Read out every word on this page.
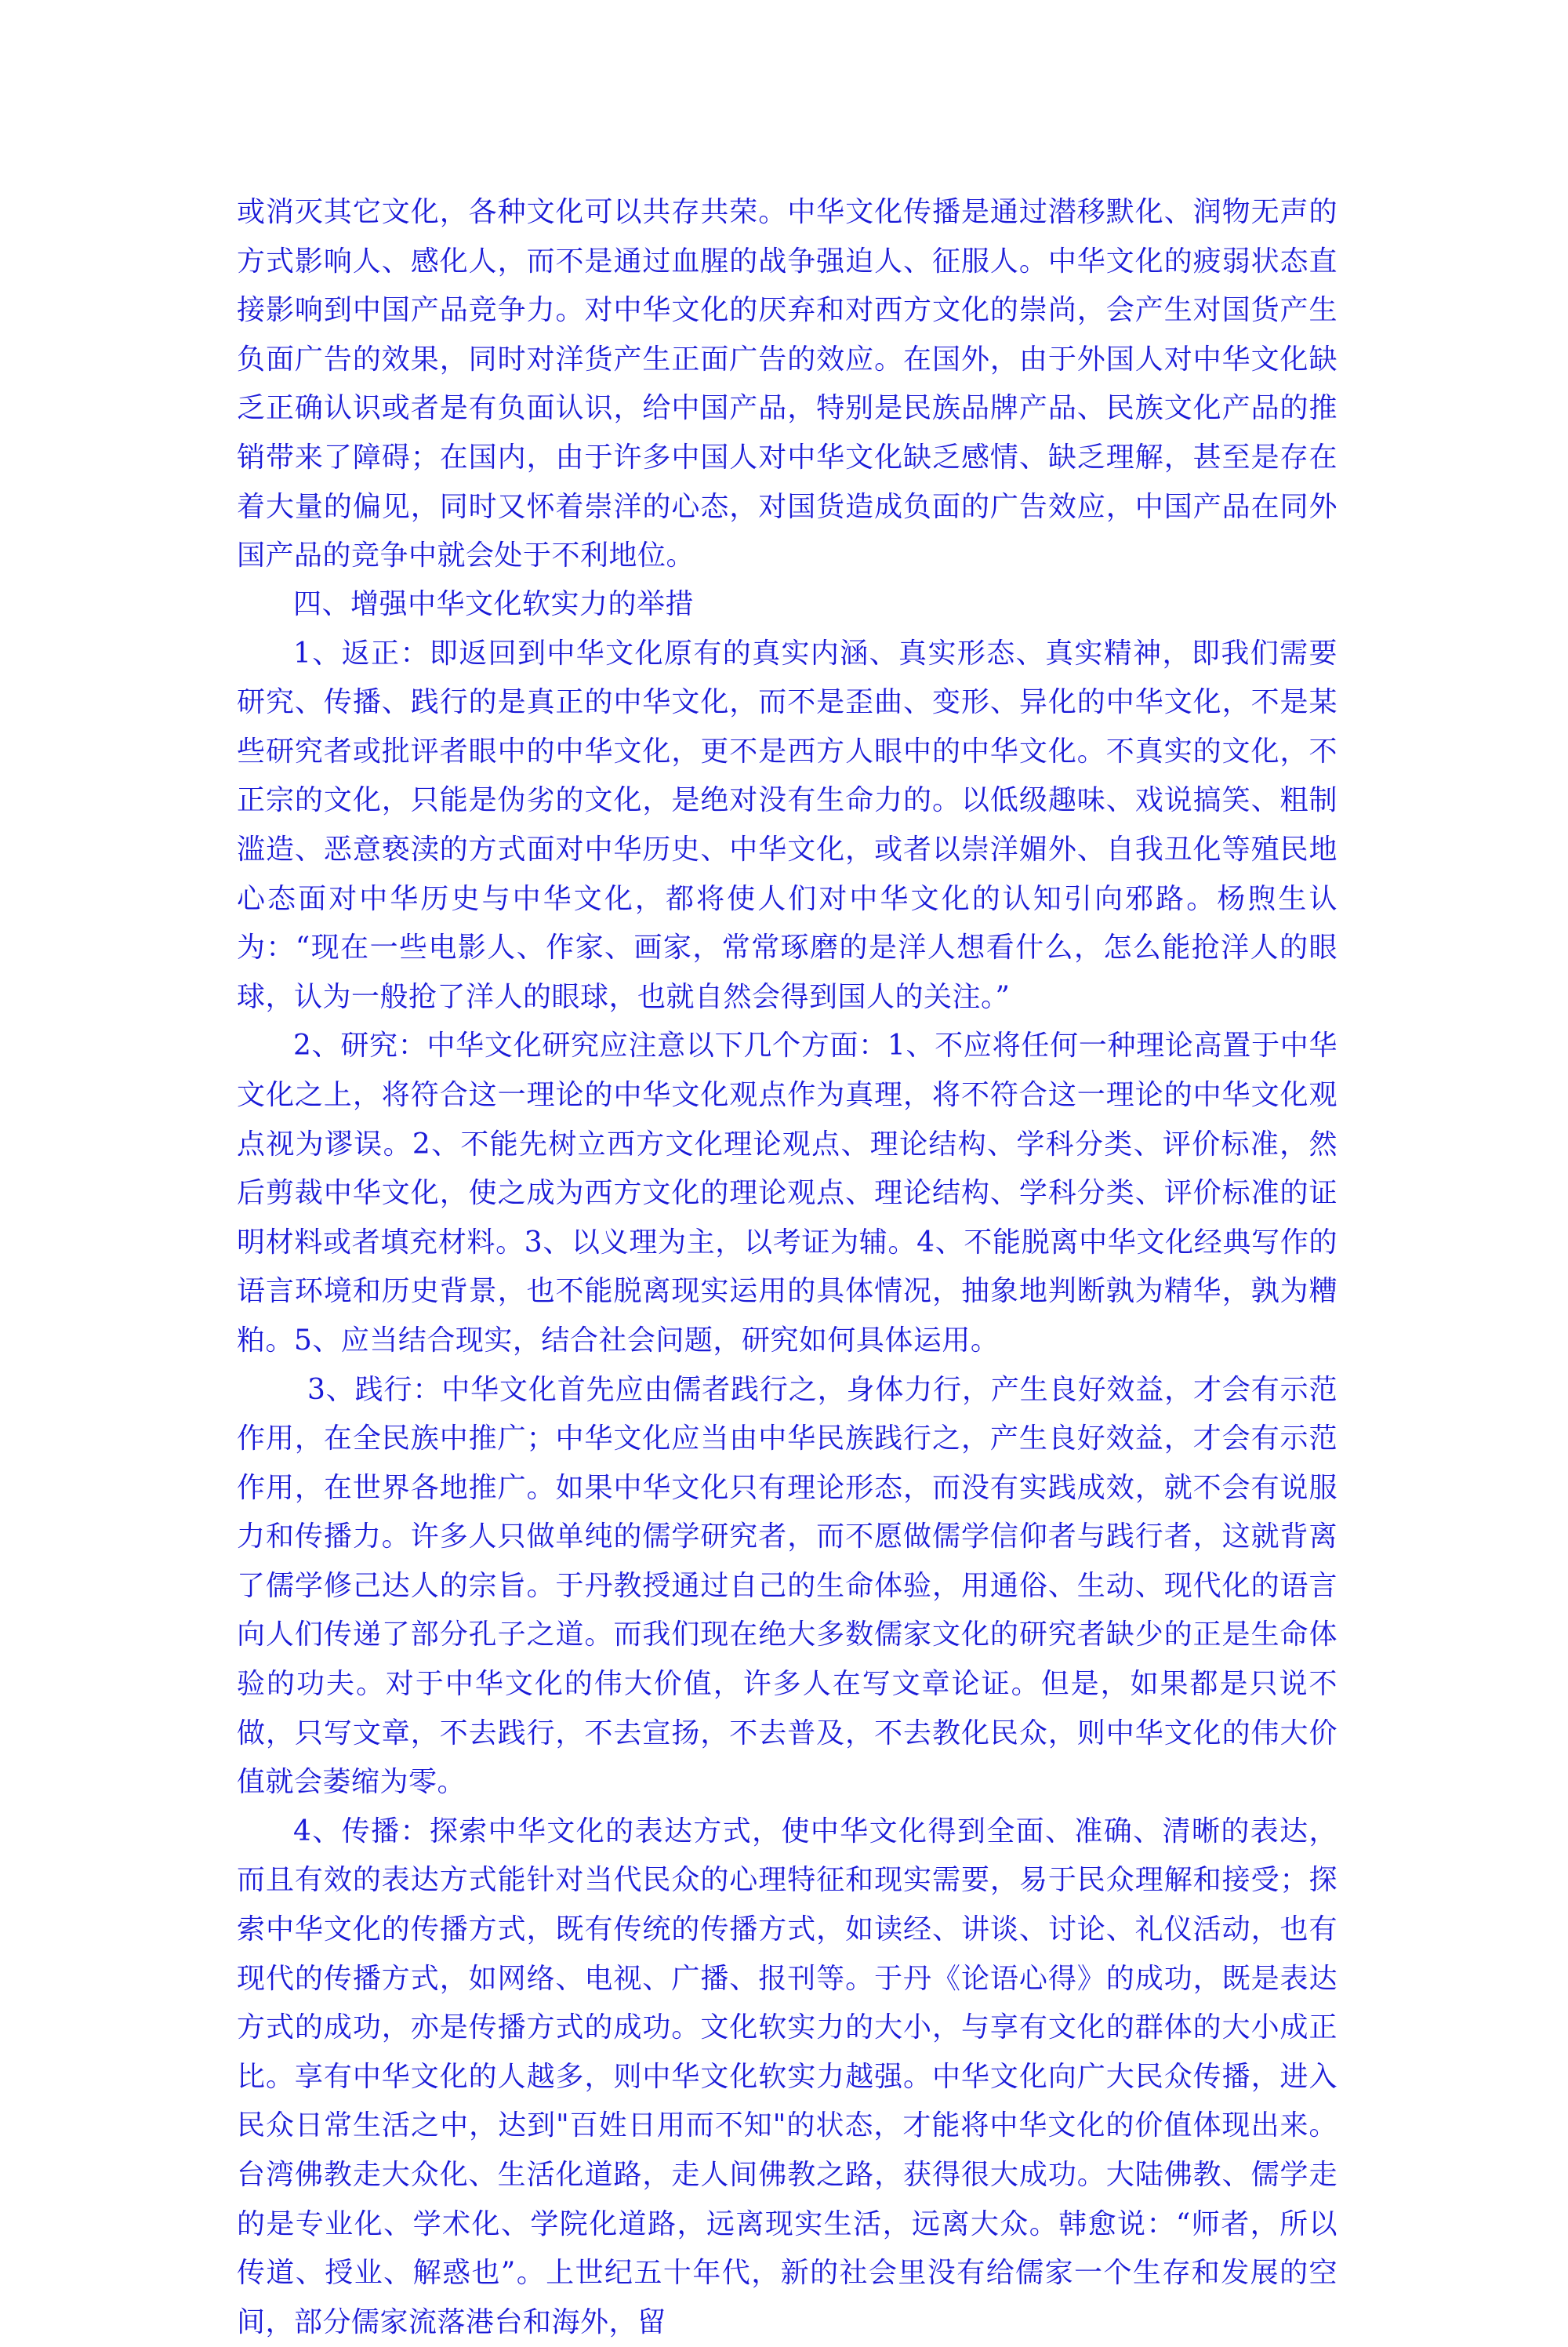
或消灭其它文化，各种文化可以共存共荣。中华文化传播是通过潜移默化、润物无声的方式影响人、感化人，而不是通过血腥的战争强迫人、征服人。中华文化的疲弱状态直接影响到中国产品竞争力。对中华文化的厌弃和对西方文化的崇尚，会产生对国货产生负面广告的效果，同时对洋货产生正面广告的效应。在国外，由于外国人对中华文化缺乏正确认识或者是有负面认识，给中国产品，特别是民族品牌产品、民族文化产品的推销带来了障碍；在国内，由于许多中国人对中华文化缺乏感情、缺乏理解，甚至是存在着大量的偏见，同时又怀着崇洋的心态，对国货造成负面的广告效应，中国产品在同外国产品的竞争中就会处于不利地位。

四、增强中华文化软实力的举措

1、返正：即返回到中华文化原有的真实内涵、真实形态、真实精神，即我们需要研究、传播、践行的是真正的中华文化，而不是歪曲、变形、异化的中华文化，不是某些研究者或批评者眼中的中华文化，更不是西方人眼中的中华文化。不真实的文化，不正宗的文化，只能是伪劣的文化，是绝对没有生命力的。以低级趣味、戏说搞笑、粗制滥造、恶意亵渎的方式面对中华历史、中华文化，或者以崇洋媚外、自我丑化等殖民地心态面对中华历史与中华文化，都将使人们对中华文化的认知引向邪路。杨煦生认为：“现在一些电影人、作家、画家，常常琢磨的是洋人想看什么，怎么能抢洋人的眼球，认为一般抢了洋人的眼球，也就自然会得到国人的关注。”

2、研究：中华文化研究应注意以下几个方面：1、不应将任何一种理论高置于中华文化之上，将符合这一理论的中华文化观点作为真理，将不符合这一理论的中华文化观点视为谬误。2、不能先树立西方文化理论观点、理论结构、学科分类、评价标准，然后剪裁中华文化，使之成为西方文化的理论观点、理论结构、学科分类、评价标准的证明材料或者填充材料。3、以义理为主，以考证为辅。4、不能脱离中华文化经典写作的语言环境和历史背景，也不能脱离现实运用的具体情况，抽象地判断孰为精华，孰为糟粕。5、应当结合现实，结合社会问题，研究如何具体运用。

3、践行：中华文化首先应由儒者践行之，身体力行，产生良好效益，才会有示范作用，在全民族中推广；中华文化应当由中华民族践行之，产生良好效益，才会有示范作用，在世界各地推广。如果中华文化只有理论形态，而没有实践成效，就不会有说服力和传播力。许多人只做单纯的儒学研究者，而不愿做儒学信仰者与践行者，这就背离了儒学修己达人的宗旨。于丹教授通过自己的生命体验，用通俗、生动、现代化的语言向人们传递了部分孔子之道。而我们现在绝大多数儒家文化的研究者缺少的正是生命体验的功夫。对于中华文化的伟大价值，许多人在写文章论证。但是，如果都是只说不做，只写文章，不去践行，不去宣扬，不去普及，不去教化民众，则中华文化的伟大价值就会萎缩为零。

4、传播：探索中华文化的表达方式，使中华文化得到全面、准确、清晰的表达，而且有效的表达方式能针对当代民众的心理特征和现实需要，易于民众理解和接受；探索中华文化的传播方式，既有传统的传播方式，如读经、讲谈、讨论、礼仪活动，也有现代的传播方式，如网络、电视、广播、报刊等。于丹《论语心得》的成功，既是表达方式的成功，亦是传播方式的成功。文化软实力的大小，与享有文化的群体的大小成正比。享有中华文化的人越多，则中华文化软实力越强。中华文化向广大民众传播，进入民众日常生活之中，达到"百姓日用而不知"的状态，才能将中华文化的价值体现出来。台湾佛教走大众化、生活化道路，走人间佛教之路，获得很大成功。大陆佛教、儒学走的是专业化、学术化、学院化道路，远离现实生活，远离大众。韩愈说：“师者，所以传道、授业、解惑也”。上世纪五十年代，新的社会里没有给儒家一个生存和发展的空间，部分儒家流落港台和海外，留
